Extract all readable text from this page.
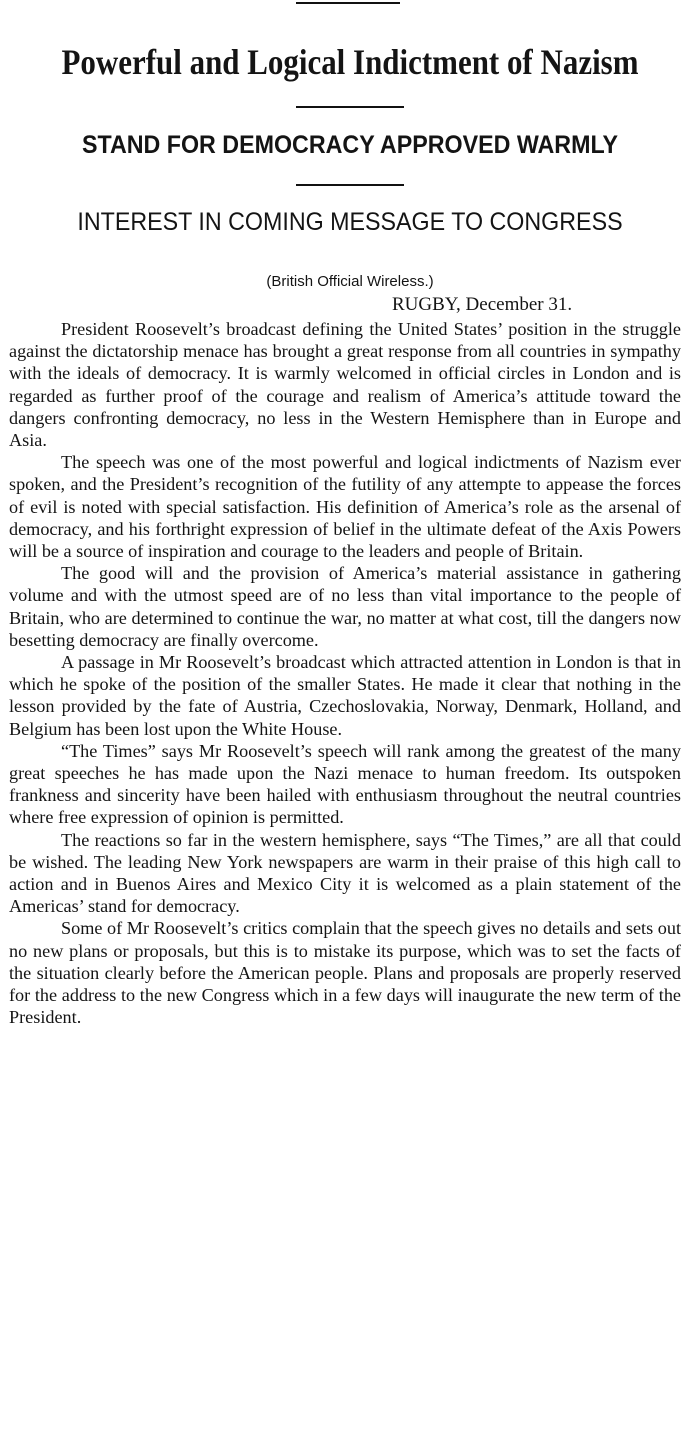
Powerful and Logical Indictment of Nazism
STAND FOR DEMOCRACY APPROVED WARMLY
INTEREST IN COMING MESSAGE TO CONGRESS
(British Official Wireless.)
RUGBY, December 31.

President Roosevelt’s broadcast defining the United States’ position in the struggle against the dictatorship menace has brought a great response from all countries in sympathy with the ideals of democracy. It is warmly welcomed in official circles in London and is regarded as further proof of the courage and realism of America’s attitude toward the dangers confronting democracy, no less in the Western Hemisphere than in Europe and Asia.

The speech was one of the most powerful and logical indictments of Nazism ever spoken, and the President’s recognition of the futility of any attempte to appease the forces of evil is noted with special satisfaction. His definition of America’s role as the arsenal of democracy, and his forthright expression of belief in the ultimate defeat of the Axis Powers will be a source of inspiration and courage to the leaders and people of Britain.

The good will and the provision of America’s material assistance in gathering volume and with the utmost speed are of no less than vital importance to the people of Britain, who are determined to continue the war, no matter at what cost, till the dangers now besetting democracy are finally overcome.

A passage in Mr Roosevelt’s broadcast which attracted attention in London is that in which he spoke of the position of the smaller States. He made it clear that nothing in the lesson provided by the fate of Austria, Czechoslovakia, Norway, Denmark, Holland, and Belgium has been lost upon the White House.

“The Times” says Mr Roosevelt’s speech will rank among the greatest of the many great speeches he has made upon the Nazi menace to human freedom. Its outspoken frankness and sincerity have been hailed with enthusiasm throughout the neutral countries where free expression of opinion is permitted.

The reactions so far in the western hemisphere, says “The Times,” are all that could be wished. The leading New York newspapers are warm in their praise of this high call to action and in Buenos Aires and Mexico City it is welcomed as a plain statement of the Americas’ stand for democracy.

Some of Mr Roosevelt’s critics complain that the speech gives no details and sets out no new plans or proposals, but this is to mistake its purpose, which was to set the facts of the situation clearly before the American people. Plans and proposals are properly reserved for the address to the new Congress which in a few days will inaugurate the new term of the President.
